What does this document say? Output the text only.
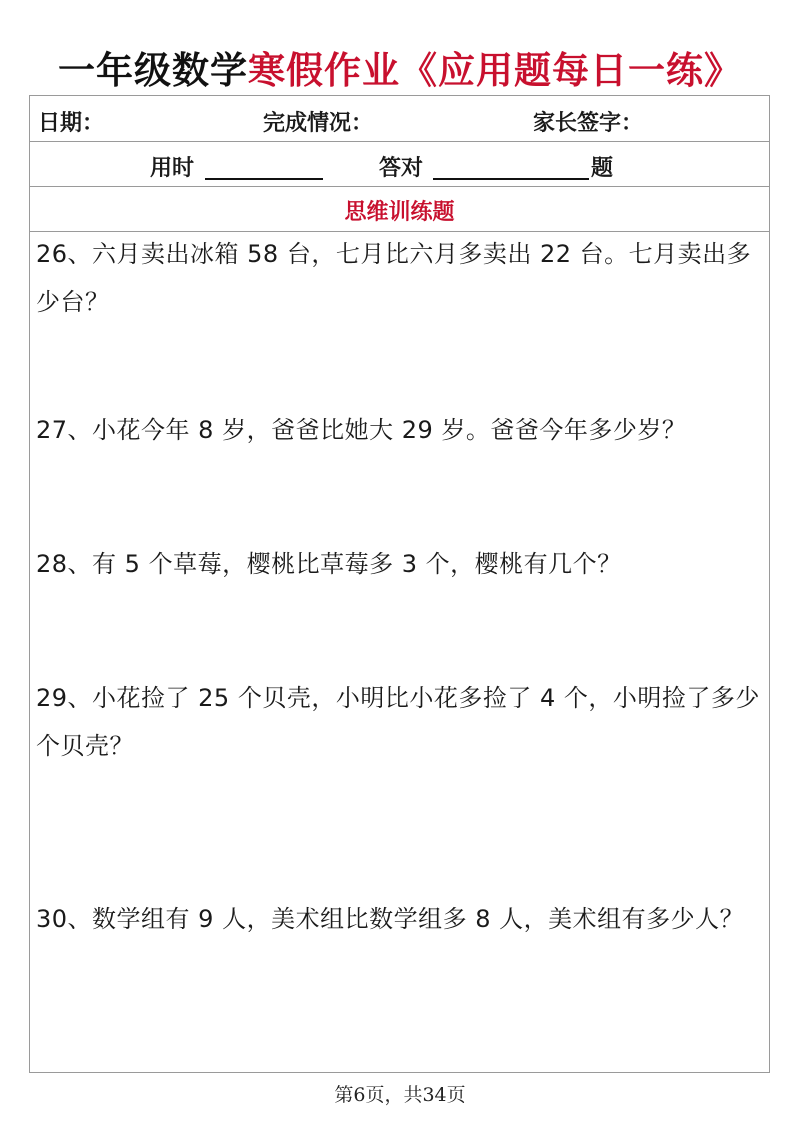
一年级数学寒假作业《应用题每日一练》
日期：	完成情况：	家长签字：
用时	答对	题
思维训练题
26、六月卖出冰箱 58 台，七月比六月多卖出 22 台。七月卖出多少台？
27、小花今年 8 岁，爸爸比她大 29 岁。爸爸今年多少岁？
28、有 5 个草莓，樱桃比草莓多 3 个，樱桃有几个？
29、小花捡了 25 个贝壳，小明比小花多捡了 4 个，小明捡了多少个贝壳？
30、数学组有 9 人，美术组比数学组多 8 人，美术组有多少人？
第6页，共34页
